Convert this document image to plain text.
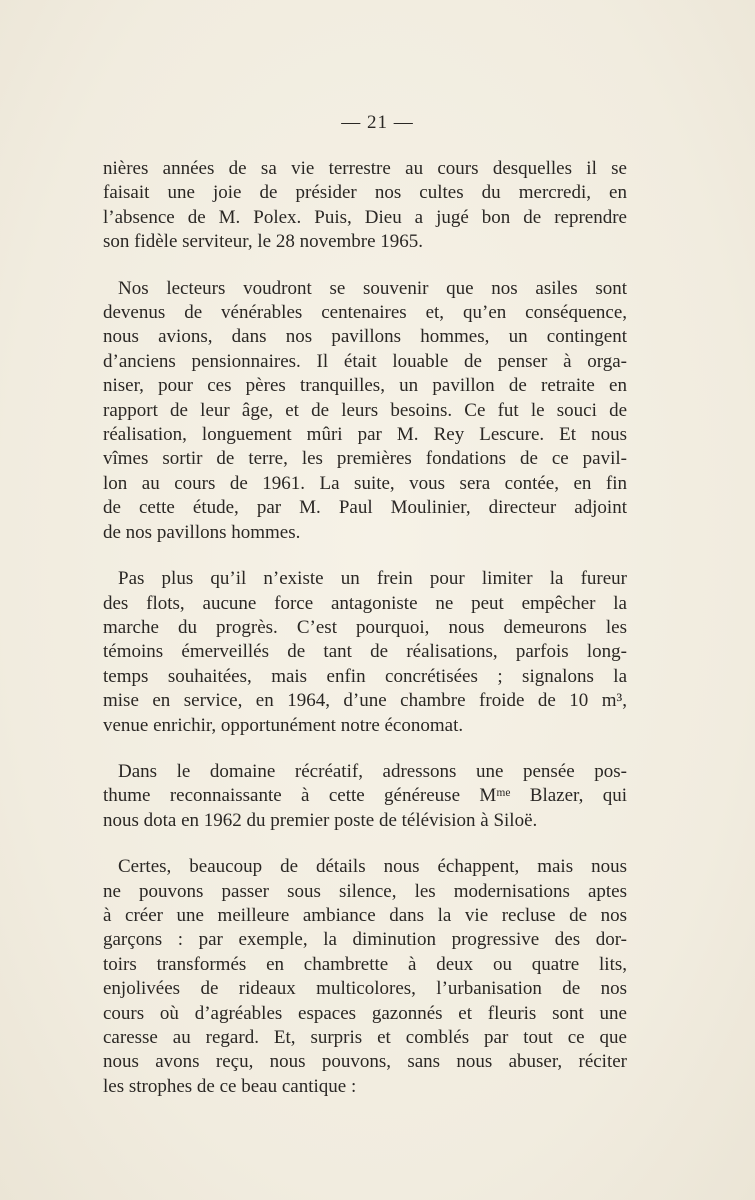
— 21 —

nières années de sa vie terrestre au cours desquelles il se
faisait une joie de présider nos cultes du mercredi, en
l’absence de M. Polex. Puis, Dieu a jugé bon de reprendre
son fidèle serviteur, le 28 novembre 1965.

Nos lecteurs voudront se souvenir que nos asiles sont
devenus de vénérables centenaires et, qu’en conséquence,
nous avions, dans nos pavillons hommes, un contingent
d’anciens pensionnaires. Il était louable de penser à orga-
niser, pour ces pères tranquilles, un pavillon de retraite en
rapport de leur âge, et de leurs besoins. Ce fut le souci de
réalisation, longuement mûri par M. Rey Lescure. Et nous
vîmes sortir de terre, les premières fondations de ce pavil-
lon au cours de 1961. La suite, vous sera contée, en fin
de cette étude, par M. Paul Moulinier, directeur adjoint
de nos pavillons hommes.

Pas plus qu’il n’existe un frein pour limiter la fureur
des flots, aucune force antagoniste ne peut empêcher la
marche du progrès. C’est pourquoi, nous demeurons les
témoins émerveillés de tant de réalisations, parfois long-
temps souhaitées, mais enfin concrétisées ; signalons la
mise en service, en 1964, d’une chambre froide de 10 m³,
venue enrichir, opportunément notre économat.

Dans le domaine récréatif, adressons une pensée pos-
thume reconnaissante à cette généreuse Mᵐᵉ Blazer, qui
nous dota en 1962 du premier poste de télévision à Siloë.

Certes, beaucoup de détails nous échappent, mais nous
ne pouvons passer sous silence, les modernisations aptes
à créer une meilleure ambiance dans la vie recluse de nos
garçons : par exemple, la diminution progressive des dor-
toirs transformés en chambrette à deux ou quatre lits,
enjolivées de rideaux multicolores, l’urbanisation de nos
cours où d’agréables espaces gazonnés et fleuris sont une
caresse au regard. Et, surpris et comblés par tout ce que
nous avons reçu, nous pouvons, sans nous abuser, réciter
les strophes de ce beau cantique :
